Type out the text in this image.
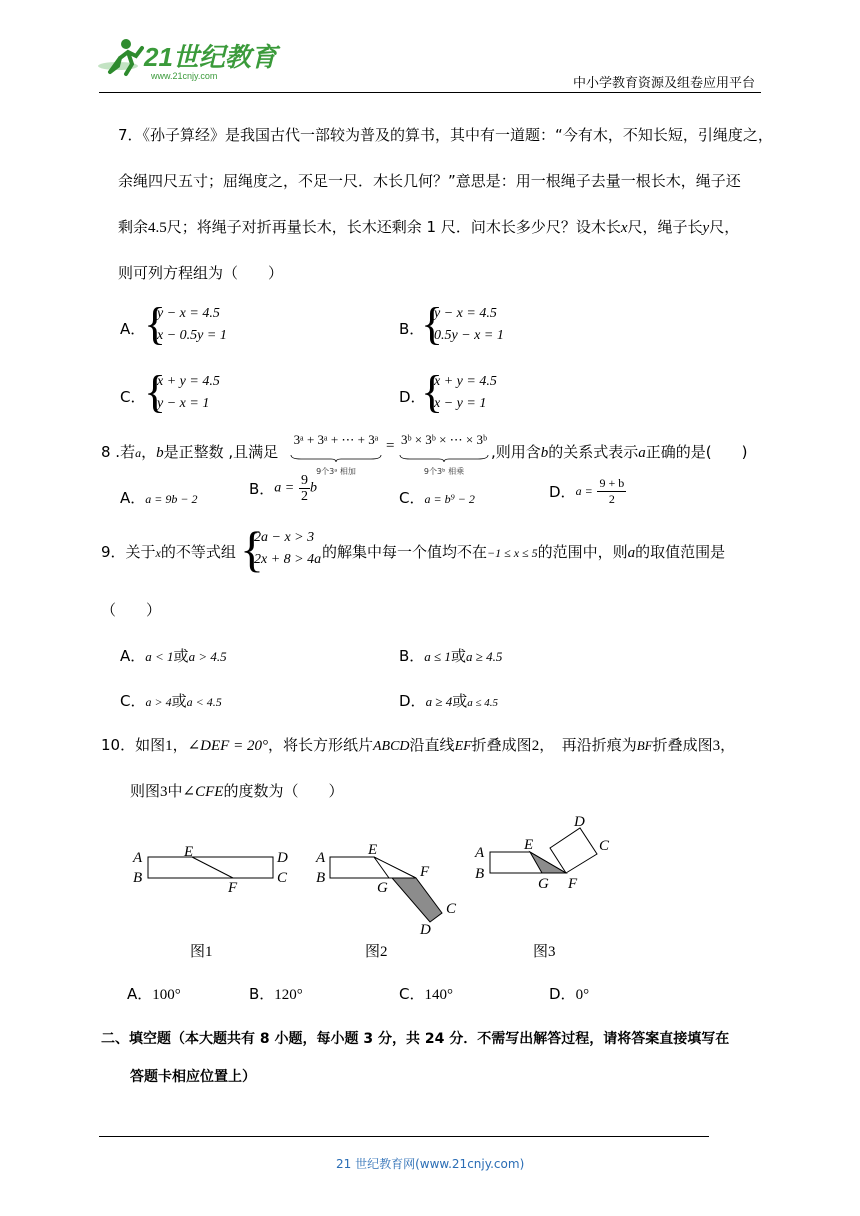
21世纪教育
www.21cnjy.com	中小学教育资源及组卷应用平台
7．《孙子算经》是我国古代一部较为普及的算书，其中有一道题：“今有木，不知长短，引绳度之，
余绳四尺五寸；屈绳度之，不足一尺．木长几何？”意思是：用一根绳子去量一根长木，绳子还
剩余4.5尺；将绳子对折再量长木，长木还剩余 1 尺．问木长多少尺？设木长x尺，绳子长y尺，
则可列方程组为（　　）
A．
{
y − x = 4.5
x − 0.5y = 1	B．
{
y − x = 4.5
0.5y − x = 1
C．
{
x + y = 4.5
y − x = 1	D．
{
x + y = 4.5
x − y = 1
8 .若a，b是正整数 ,且满足
3ᵃ + 3ᵃ + ⋯ + 3ᵃ
9个3ᵃ 相加
= 3ᵇ × 3ᵇ × ⋯ × 3ᵇ
9个3ᵇ 相乘
,则用含b的关系式表示a正确的是(　　)
A．a = 9b − 2
B．$a = \frac{9}{2}$ b
C．a = b⁹ − 2	D．$a = \frac{9 + b}{2}$
9．关于x的不等式组 {
2a − x > 3
2x + 8 > 4a 的解集中每一个值均不在−1 ≤ x ≤ 5的范围中，则a的取值范围是
（　　）
A．a < 1或a > 4.5	B．a ≤ 1或a ≥ 4.5
C．a > 4或a < 4.5	D．a ≥ 4或a ≤ 4.5
10．如图1，∠DEF = 20°，将长方形纸片ABCD沿直线EF折叠成图2，　再沿折痕为BF折叠成图3，
则图3中∠CFE的度数为（　　）
A
B
E
F
D
C
图1
A
B
E
F
G
C
D
图2
A
B
E
G F
D
C
图3
A．100°	B．120°	C．140°	D．0°
二、填空题（本大题共有 8 小题，每小题 3 分，共 24 分．不需写出解答过程，请将答案直接填写在
答题卡相应位置上）
21 世纪教育网(www.21cnjy.com)
